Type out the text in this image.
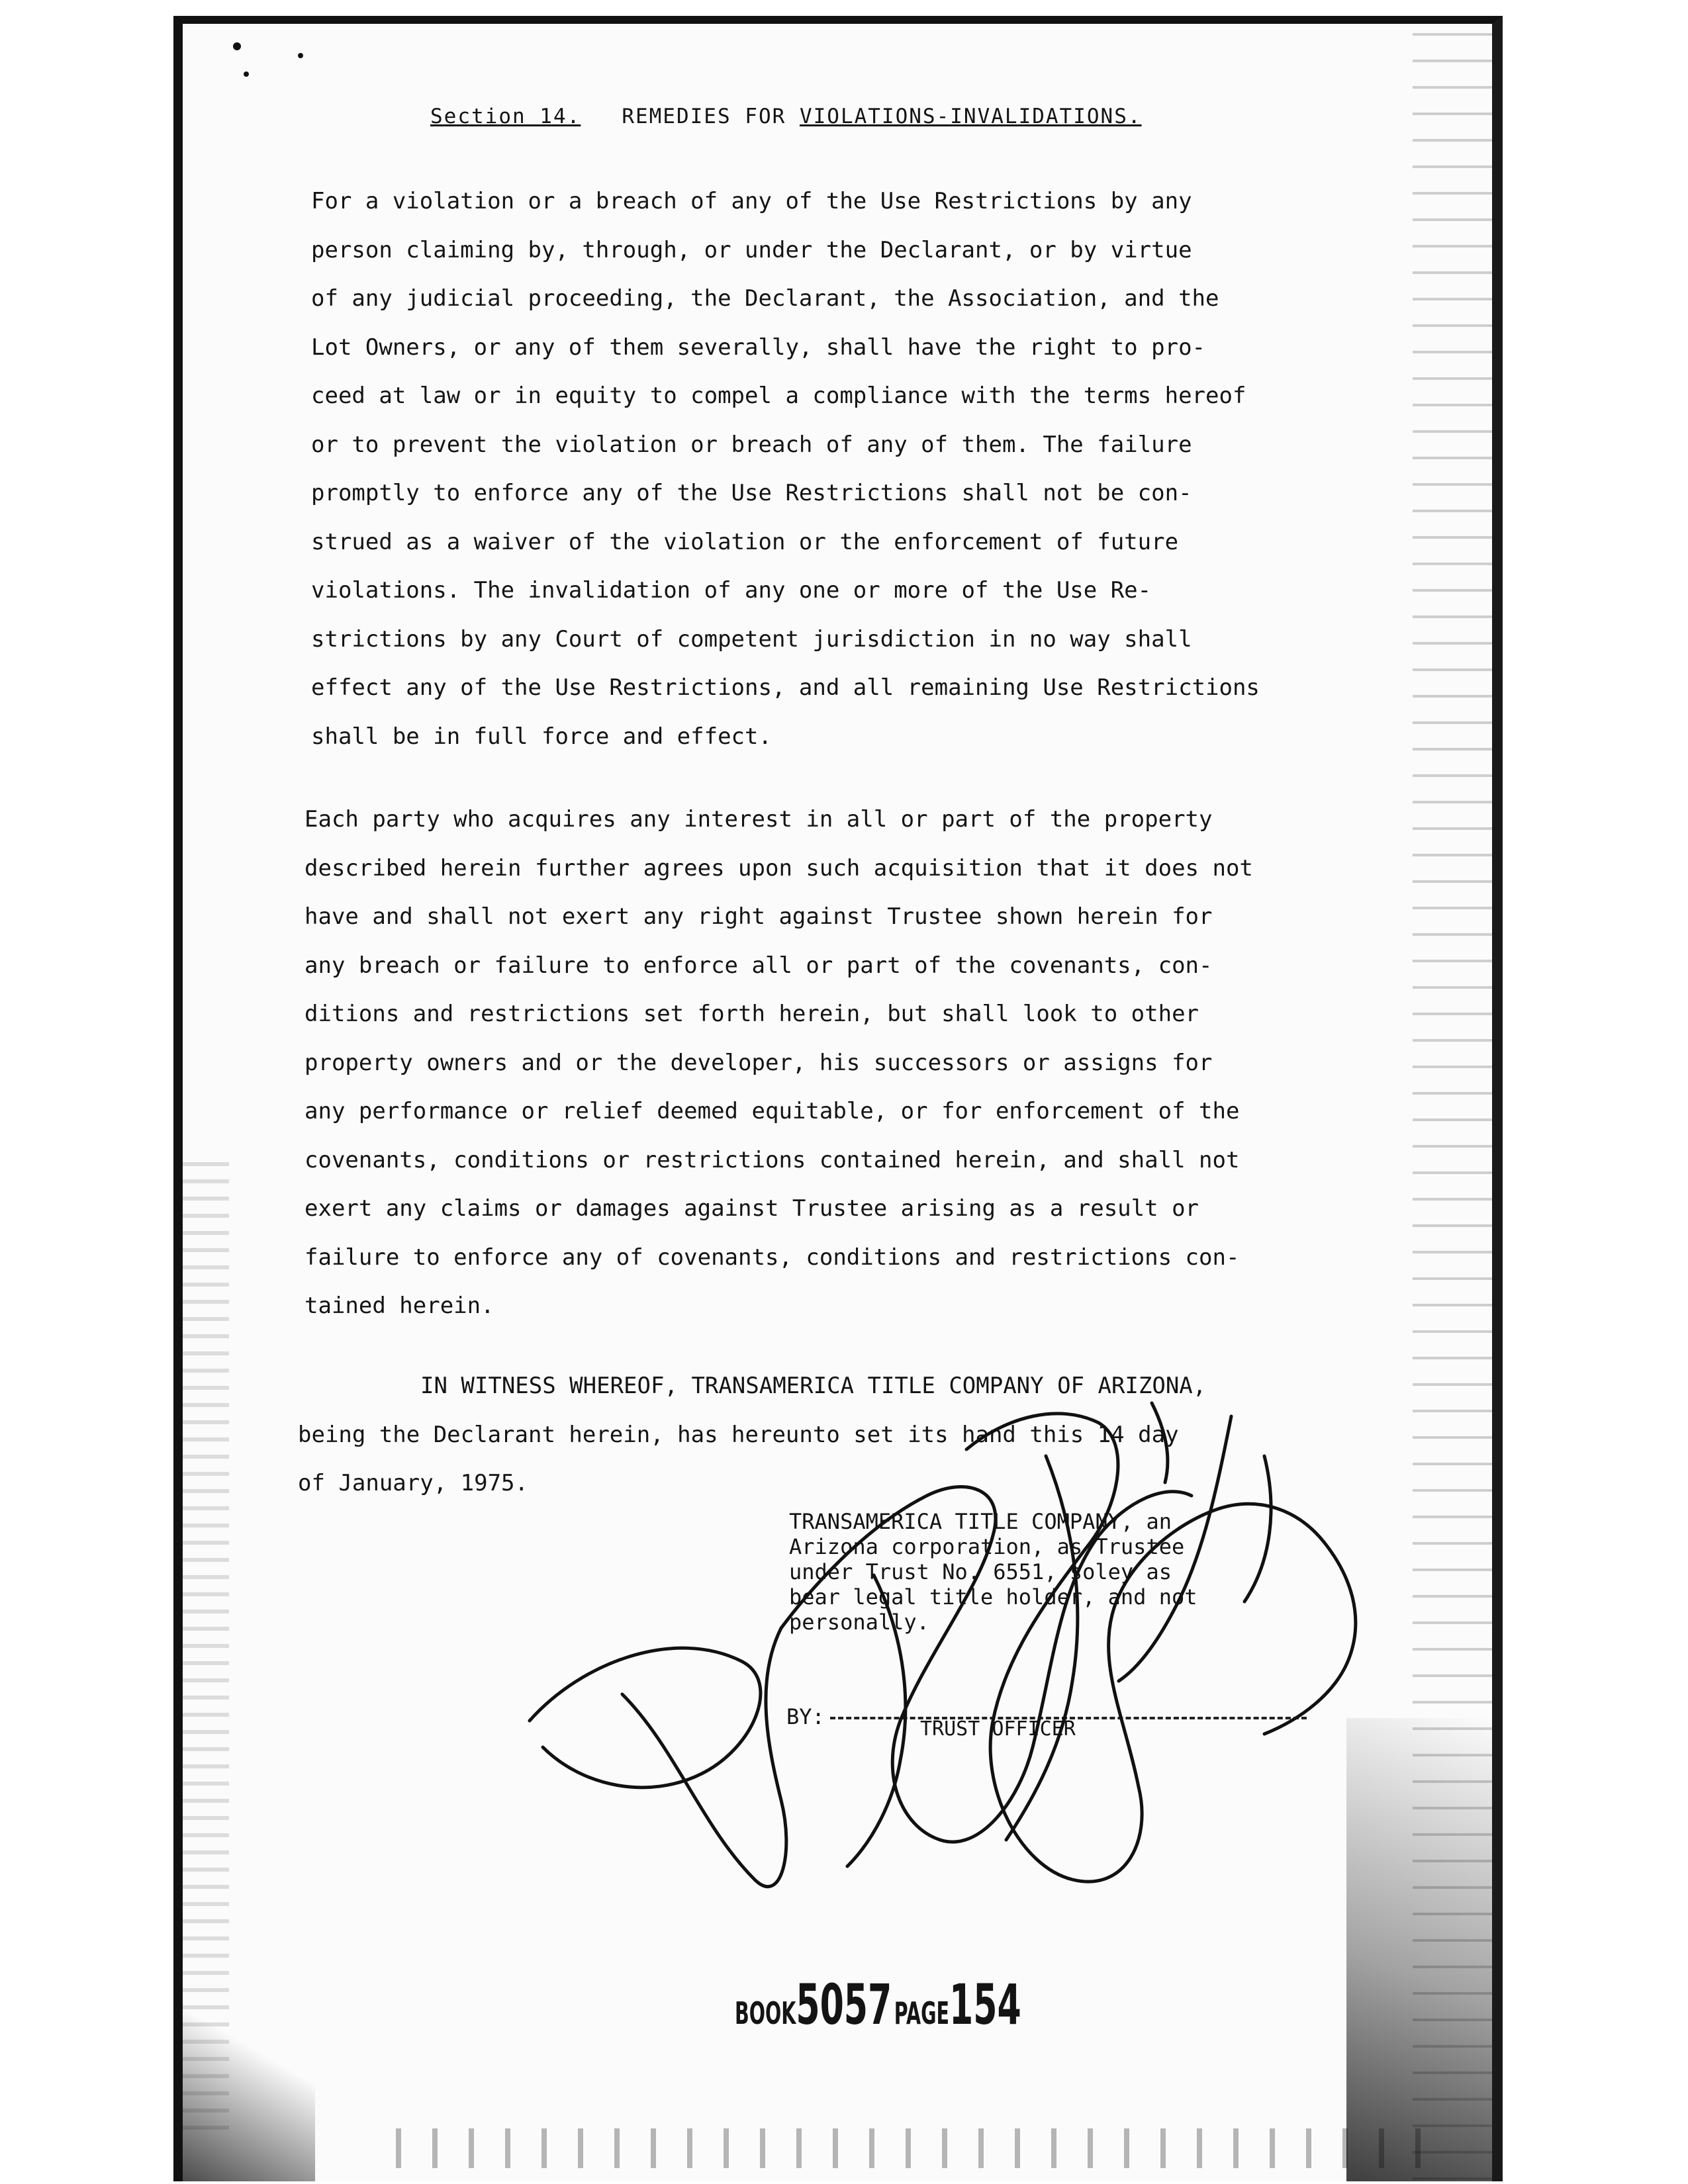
Section 14. REMEDIES FOR VIOLATIONS-INVALIDATIONS.
For a violation or a breach of any of the Use Restrictions by any
person claiming by, through, or under the Declarant, or by virtue
of any judicial proceeding, the Declarant, the Association, and the
Lot Owners, or any of them severally, shall have the right to pro-
ceed at law or in equity to compel a compliance with the terms hereof
or to prevent the violation or breach of any of them. The failure
promptly to enforce any of the Use Restrictions shall not be con-
strued as a waiver of the violation or the enforcement of future
violations. The invalidation of any one or more of the Use Re-
strictions by any Court of competent jurisdiction in no way shall
effect any of the Use Restrictions, and all remaining Use Restrictions
shall be in full force and effect.
Each party who acquires any interest in all or part of the property
described herein further agrees upon such acquisition that it does not
have and shall not exert any right against Trustee shown herein for
any breach or failure to enforce all or part of the covenants, con-
ditions and restrictions set forth herein, but shall look to other
property owners and or the developer, his successors or assigns for
any performance or relief deemed equitable, or for enforcement of the
covenants, conditions or restrictions contained herein, and shall not
exert any claims or damages against Trustee arising as a result or
failure to enforce any of covenants, conditions and restrictions con-
tained herein.
IN WITNESS WHEREOF, TRANSAMERICA TITLE COMPANY OF ARIZONA,
being the Declarant herein, has hereunto set its hand this 14 day
of January, 1975.
TRANSAMERICA TITLE COMPANY, an
Arizona corporation, as Trustee
under Trust No. 6551, soley as
bear legal title holder, and not
personally.
BY:	TRUST OFFICER
BOOK5057 PAGE154
